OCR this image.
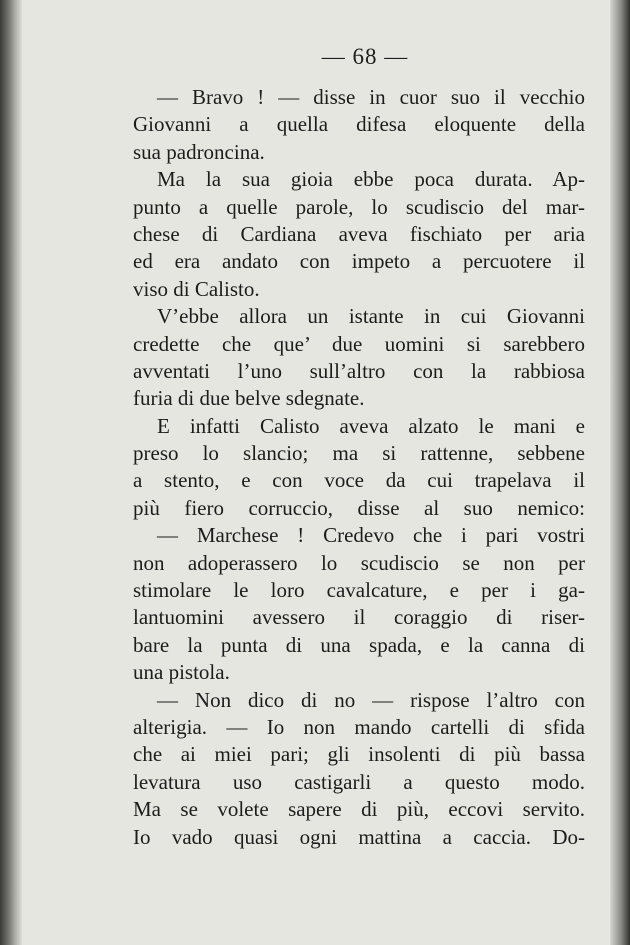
— 68 —
— Bravo ! — disse in cuor suo il vecchio
Giovanni a quella difesa eloquente della
sua padroncina.
Ma la sua gioia ebbe poca durata. Ap-
punto a quelle parole, lo scudiscio del mar-
chese di Cardiana aveva fischiato per aria
ed era andato con impeto a percuotere il
viso di Calisto.
V’ebbe allora un istante in cui Giovanni
credette che que’ due uomini si sarebbero
avventati l’uno sull’altro con la rabbiosa
furia di due belve sdegnate.
E infatti Calisto aveva alzato le mani e
preso lo slancio; ma si rattenne, sebbene
a stento, e con voce da cui trapelava il
più fiero corruccio, disse al suo nemico:
— Marchese ! Credevo che i pari vostri
non adoperassero lo scudiscio se non per
stimolare le loro cavalcature, e per i ga-
lantuomini avessero il coraggio di riser-
bare la punta di una spada, e la canna di
una pistola.
— Non dico di no — rispose l’altro con
alterigia. — Io non mando cartelli di sfida
che ai miei pari; gli insolenti di più bassa
levatura uso castigarli a questo modo.
Ma se volete sapere di più, eccovi servito.
Io vado quasi ogni mattina a caccia. Do-
